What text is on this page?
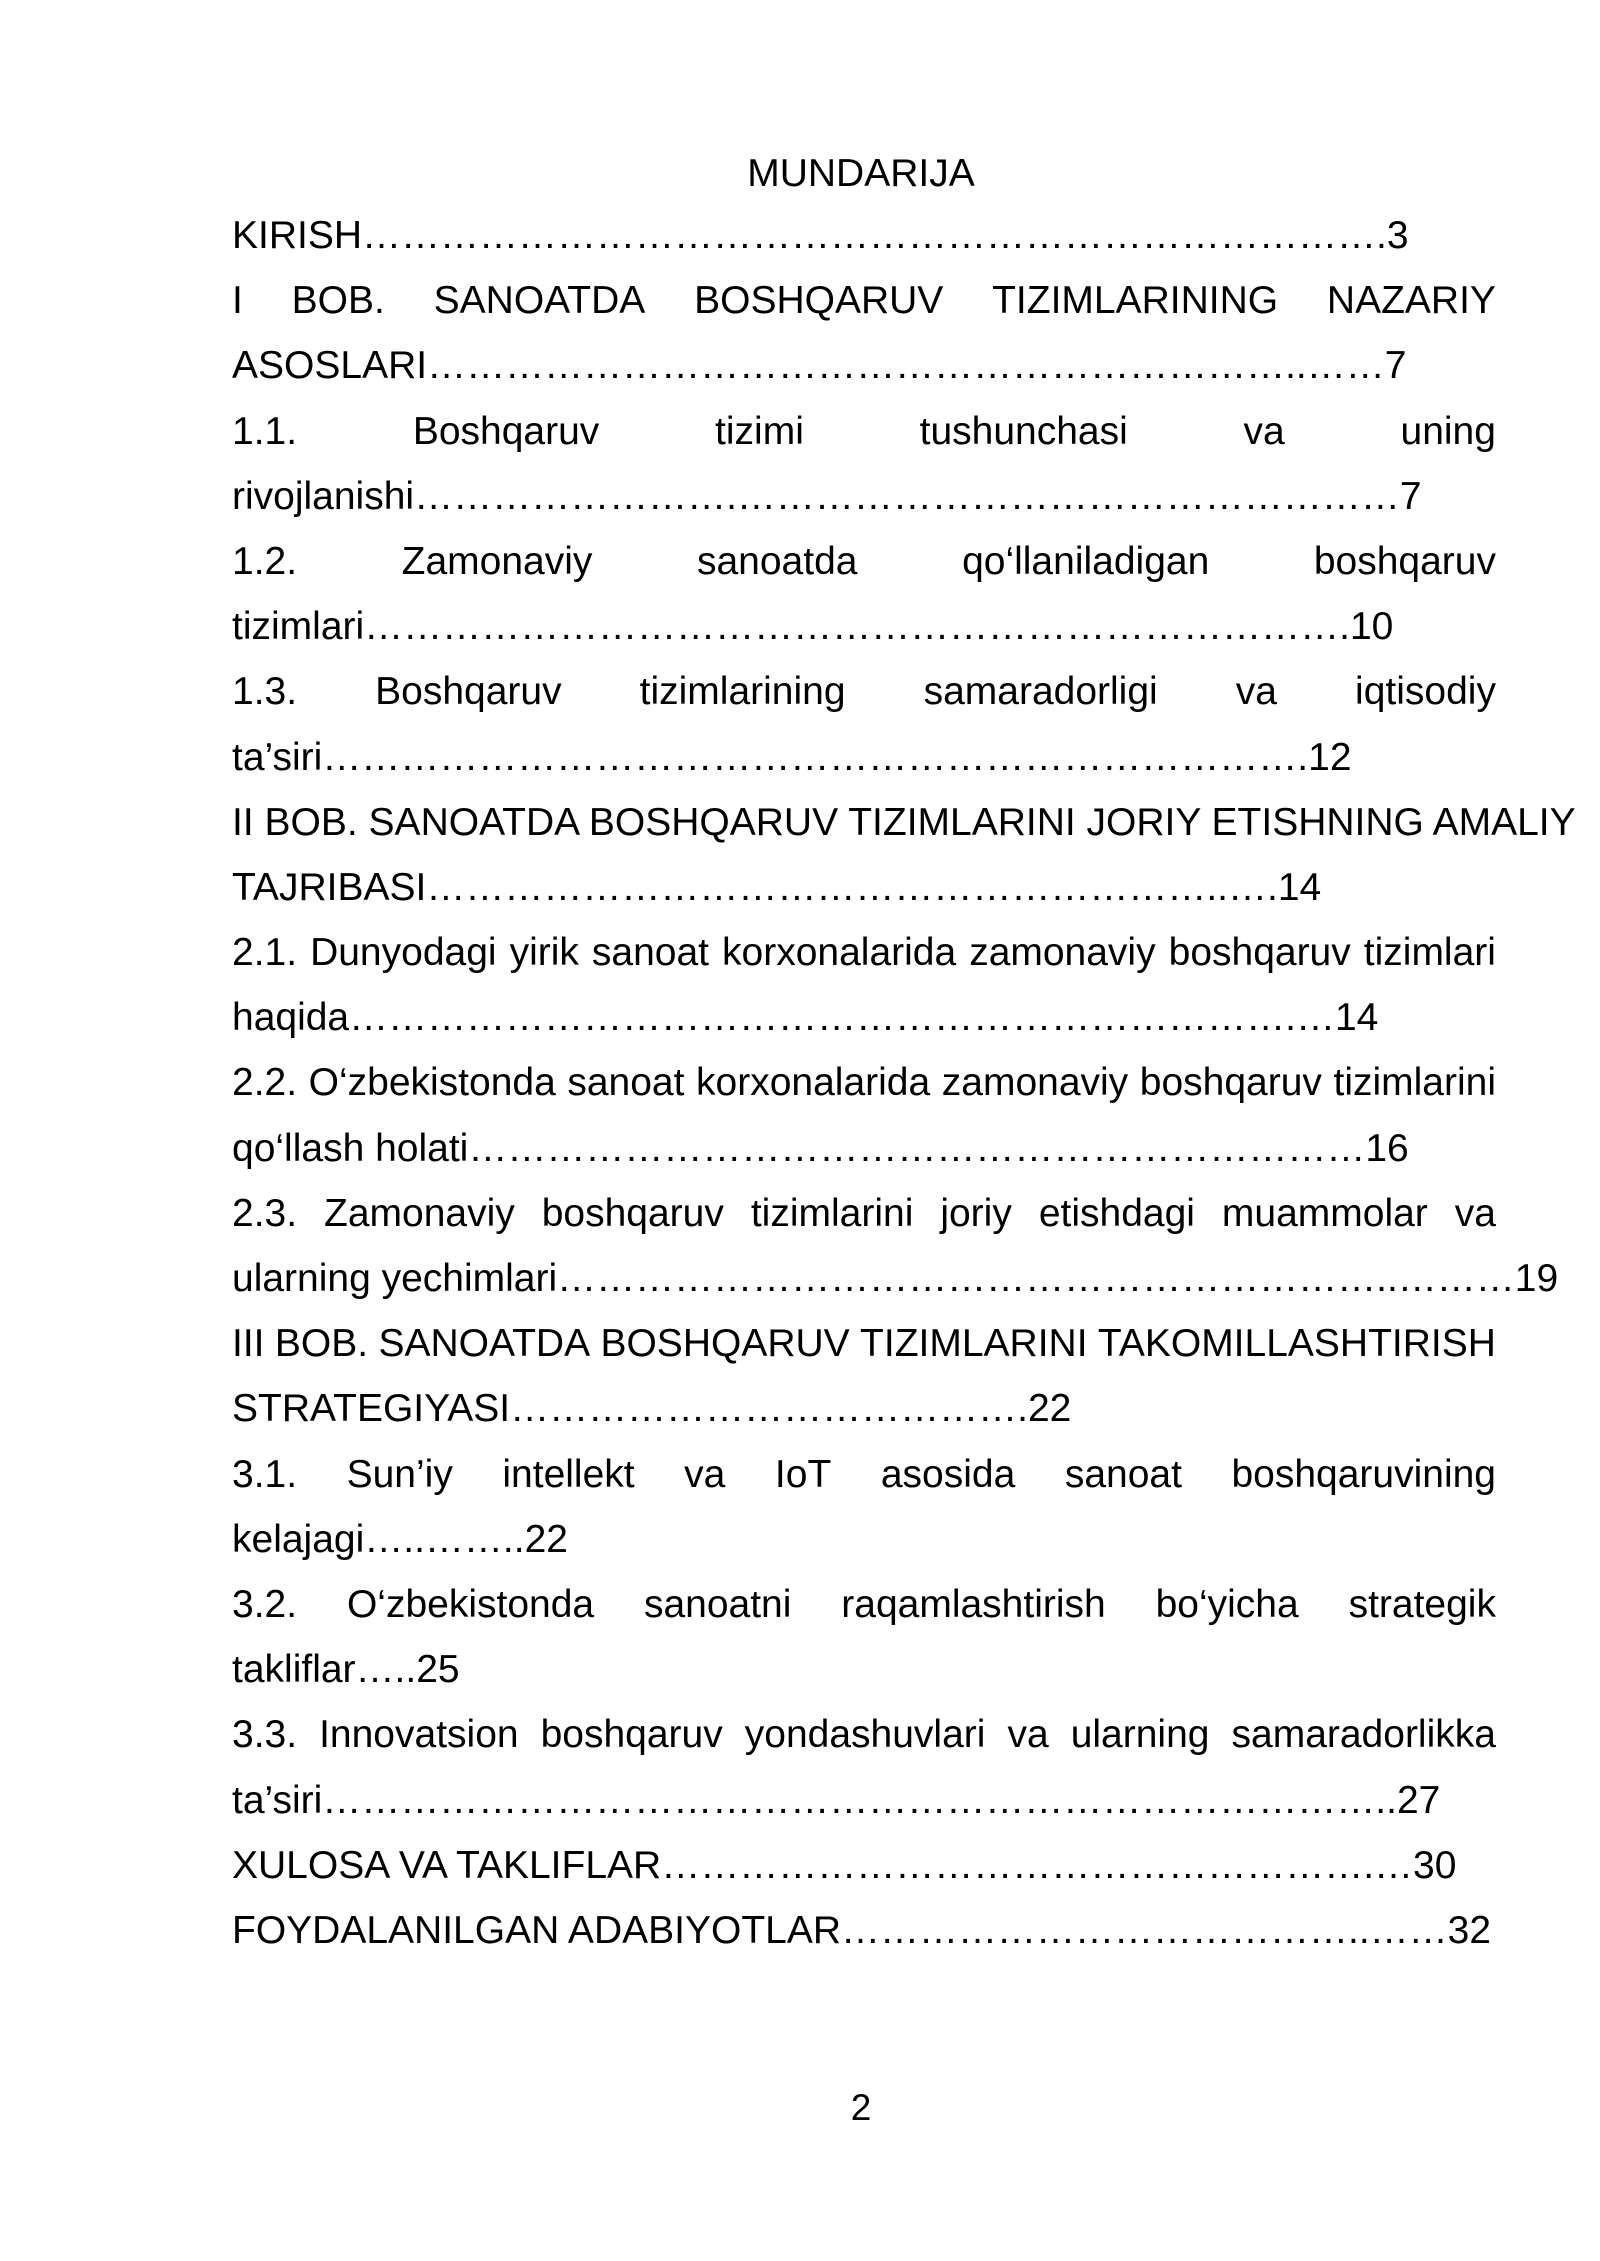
MUNDARIJA
KIRISH…………………………………………………………………….3
I BOB. SANOATDA BOSHQARUV TIZIMLARINING NAZARIY
ASOSLARI…………………………………………………………..……7
1.1.	Boshqaruv	tizimi	tushunchasi	va	uning
rivojlanishi…………………….……………………………………………7
1.2.	Zamonaviy	sanoatda	qo‘llaniladigan	boshqaruv
tizimlari………………………………………………………………….10
1.3. Boshqaruv tizimlarining samaradorligi va iqtisodiy
ta’siri………………………………………………………………….12
II BOB. SANOATDA BOSHQARUV TIZIMLARINI JORIY ETISHNING AMALIY
TAJRIBASI……………………………………………………..….14
2.1. Dunyodagi yirik sanoat korxonalarida zamonaviy boshqaruv tizimlari
haqida……………………………………………………………….…14
2.2. O‘zbekistonda sanoat korxonalarida zamonaviy boshqaruv tizimlarini
qo‘llash holati……………………………………………………………16
2.3. Zamonaviy boshqaruv tizimlarini joriy etishdagi muammolar va
ularning yechimlari………………………………………………………..………19
III BOB. SANOATDA BOSHQARUV TIZIMLARINI TAKOMILLASHTIRISH
STRATEGIYASI………………………………….22
3.1. Sun’iy intellekt va IoT asosida sanoat boshqaruvining
kelajagi…..……..22
3.2. O‘zbekistonda sanoatni raqamlashtirish bo‘yicha strategik
takliflar…..25
3.3. Innovatsion boshqaruv yondashuvlari va ularning samaradorlikka
ta’siri………………………………………………………………………..27
XULOSA VA TAKLIFLAR……………………………………………….…30
FOYDALANILGAN ADABIYOTLAR…………………………………..……32
2
